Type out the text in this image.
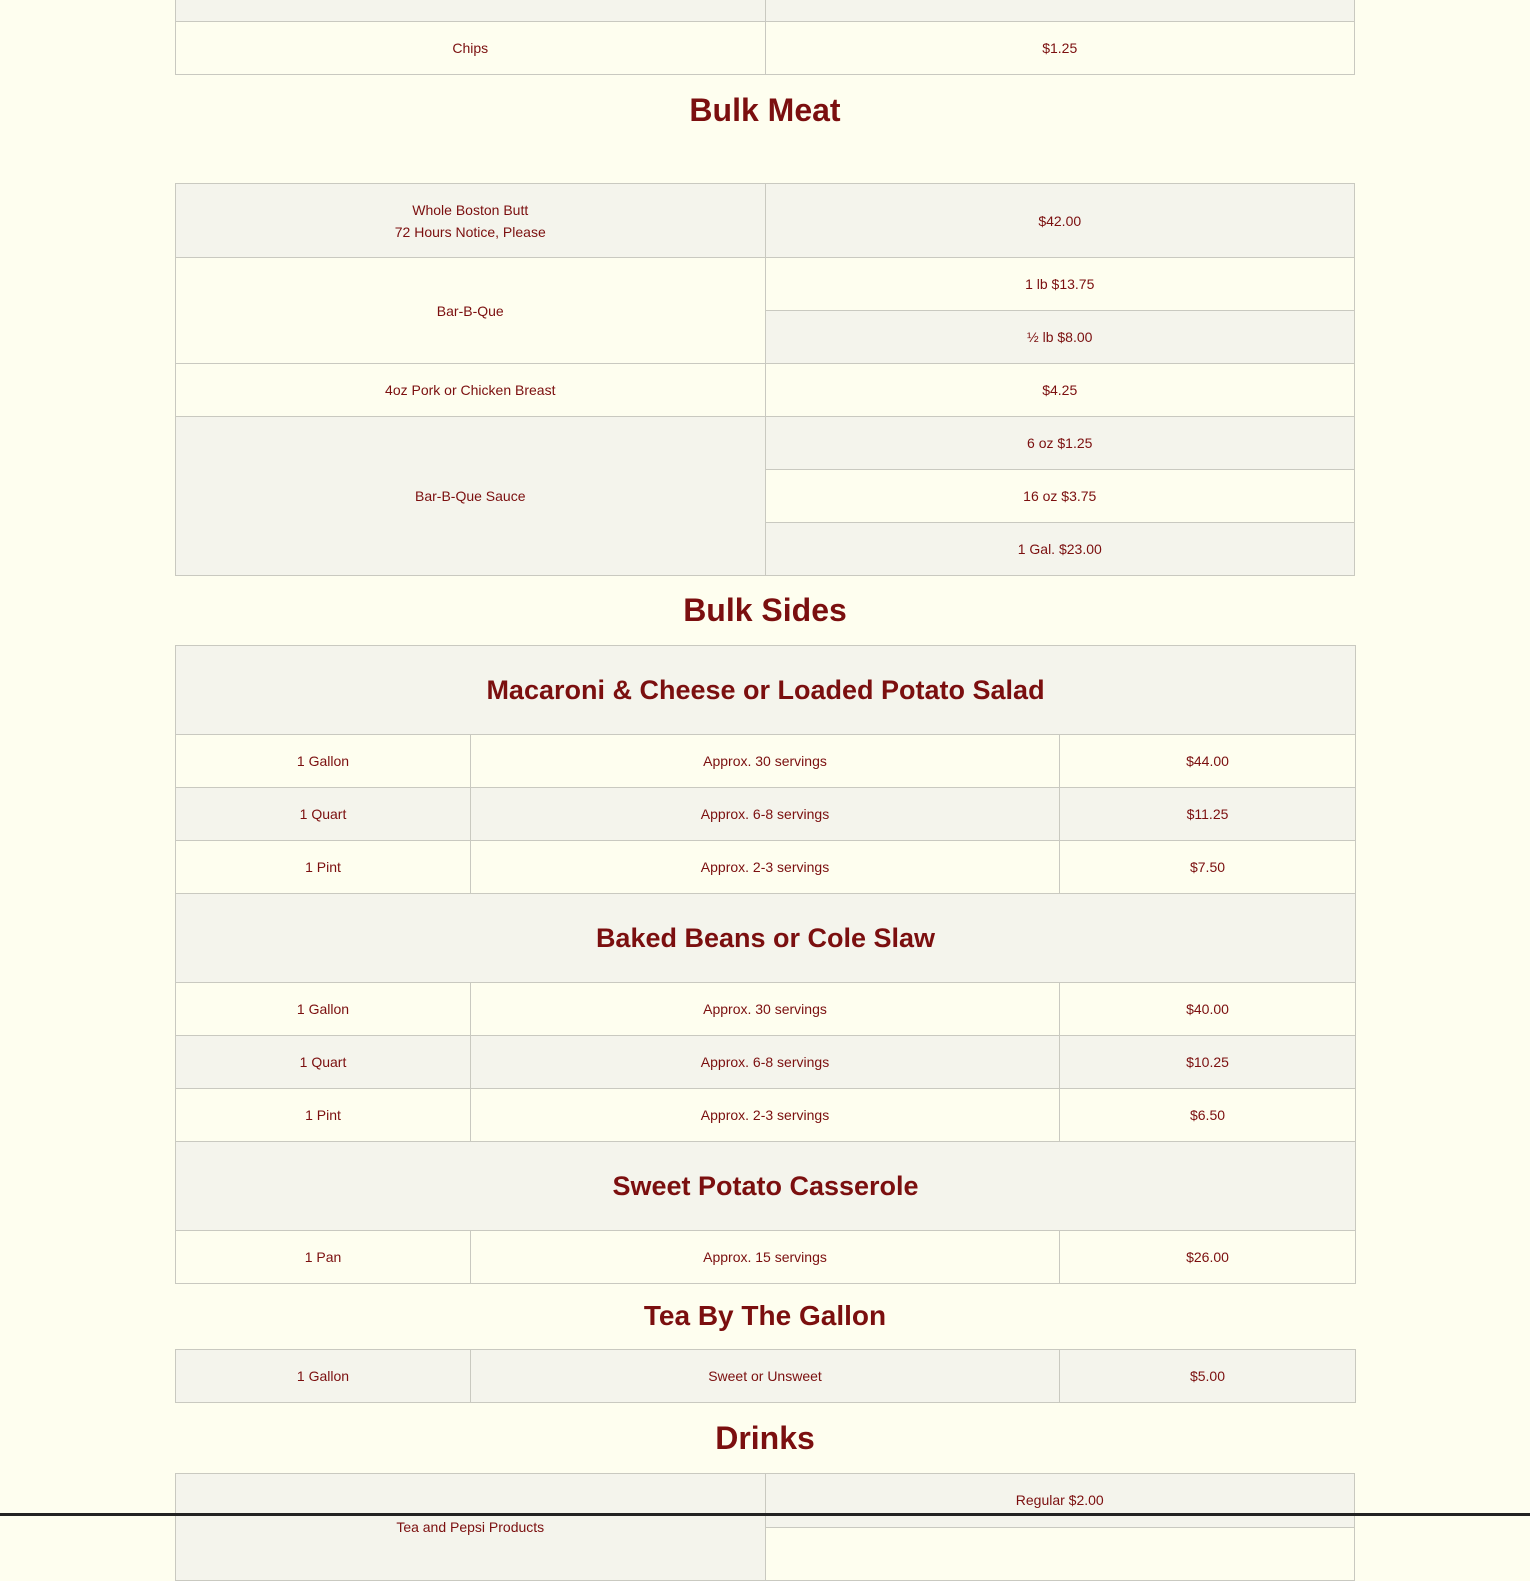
Chips	$1.25
Bulk Meat
Whole Boston Butt
72 Hours Notice, Please	$42.00
Bar-B-Que	1 lb $13.75
	½ lb $8.00
4oz Pork or Chicken Breast	$4.25
Bar-B-Que Sauce	6 oz $1.25
	16 oz $3.75
	1 Gal. $23.00
Bulk Sides
Macaroni & Cheese or Loaded Potato Salad		
1 Gallon	Approx. 30 servings	$44.00
1 Quart	Approx. 6-8 servings	$11.25
1 Pint	Approx. 2-3 servings	$7.50
Baked Beans or Cole Slaw		
1 Gallon	Approx. 30 servings	$40.00
1 Quart	Approx. 6-8 servings	$10.25
1 Pint	Approx. 2-3 servings	$6.50
Sweet Potato Casserole		
1 Pan	Approx. 15 servings	$26.00
Tea By The Gallon
1 Gallon	Sweet or Unsweet	$5.00
Drinks
Tea and Pepsi Products	Regular $2.00
